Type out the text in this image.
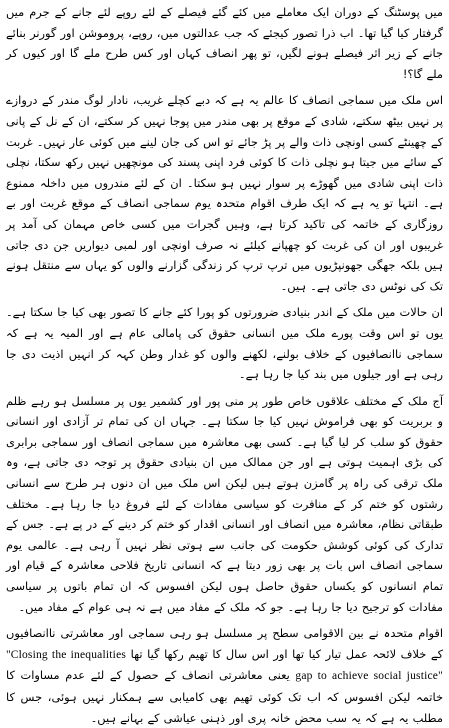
میں پوسٹنگ کے دوران ایک معاملے میں کئے گئے فیصلے کے لئے روپے لئے جانے کے جرم میں گرفتار کیا گیا تھا۔ اب ذرا تصور کیجئے کہ جب عدالتوں میں، روپے، پروموشن اور گورنر بنائے جانے کے زیر اثر فیصلے ہونے لگیں، تو پھر انصاف کہاں اور کس طرح ملے گا اور کیوں کر ملے گا؟!

اس ملک میں سماجی انصاف کا عالم یہ ہے کہ دبے کچلے غریب، نادار لوگ مندر کے دروازے پر نہیں بیٹھ سکتے، شادی کے موقع پر بھی مندر میں پوجا نہیں کر سکتے، ان کے نل کے پانی کے چھینٹے کسی اونچی ذات والے پر پڑ جائے تو اس کی جان لینے میں کوئی عار نہیں۔ غربت کے سائے میں جیتا ہو نچلی ذات کا کوئی فرد اپنی پسند کی مونچھیں نہیں رکھ سکتا، نچلی ذات اپنی شادی میں گھوڑے پر سوار نہیں ہو سکتا۔ ان کے لئے مندروں میں داخلہ ممنوع ہے۔ انتہا تو یہ ہے کہ ایک طرف اقوام متحدہ یوم سماجی انصاف کے موقع غربت اور بے روزگاری کے خاتمہ کی تاکید کرتا ہے، وہیں گجرات میں کسی خاص مہمان کی آمد پر غریبوں اور ان کی غربت کو چھپانے کیلئے نہ صرف اونچی اور لمبی دیواریں جن دی جاتی ہیں بلکہ جھگی جھونپڑیوں میں ترپ ترپ کر زندگی گزارنے والوں کو یہاں سے منتقل ہونے تک کی نوٹس دی جاتی ہے۔ ہیں۔

ان حالات میں ملک کے اندر بنیادی ضرورتوں کو پورا کئے جانے کا تصور بھی کیا جا سکتا ہے۔ یوں تو اس وقت پورے ملک میں انسانی حقوق کی پامالی عام ہے اور المیہ یہ ہے کہ سماجی ناانصافیوں کے خلاف بولنے، لکھنے والوں کو غدار وطن کہہ کر انہیں اذیت دی جا رہی ہے اور جیلوں میں بند کیا جا رہا ہے۔

آج ملک کے مختلف علاقوں خاص طور پر منی پور اور کشمیر یوں پر مسلسل ہو رہے ظلم و بربریت کو بھی فراموش نہیں کیا جا سکتا ہے۔ جہاں ان کی تمام تر آزادی اور انسانی حقوق کو سلب کر لیا گیا ہے۔ کسی بھی معاشرہ میں سماجی انصاف اور سماجی برابری کی بڑی اہمیت ہوتی ہے اور جن ممالک میں ان بنیادی حقوق پر توجہ دی جاتی ہے، وہ ملک ترقی کی راہ پر گامزن ہوتے ہیں لیکن اس ملک میں ان دنوں ہر طرح سے انسانی رشتوں کو ختم کر کے منافرت کو سیاسی مفادات کے لئے فروغ دیا جا رہا ہے۔ مختلف طبقاتی نظام، معاشرہ میں انصاف اور انسانی اقدار کو ختم کر دینے کے در پے ہے۔ جس کے تدارک کی کوئی کوشش حکومت کی جانب سے ہوتی نظر نہیں آ رہی ہے۔ عالمی یوم سماجی انصاف اس بات پر بھی زور دیتا ہے کہ انسانی تاریخ فلاحی معاشرہ کے قیام اور تمام انسانوں کو یکساں حقوق حاصل ہوں لیکن افسوس کہ ان تمام باتوں پر سیاسی مفادات کو ترجیح دیا جا رہا ہے۔ جو کہ ملک کے مفاد میں ہے نہ ہی عوام کے مفاد میں۔

اقوام متحدہ نے بین الاقوامی سطح پر مسلسل ہو رہی سماجی اور معاشرتی ناانصافیوں کے خلاف لائحہ عمل تیار کیا تھا اور اس سال کا تھیم رکھا گیا تھا "Closing the inequalities gap to achieve social justice" یعنی معاشرتی انصاف کے حصول کے لئے عدم مساوات کا خاتمہ لیکن افسوس کہ اب تک کوئی تھیم بھی کامیابی سے ہمکنار نہیں ہوئی، جس کا مطلب یہ ہے کہ یہ سب محض خانہ پری اور ذہنی عیاشی کے بہانے ہیں۔
